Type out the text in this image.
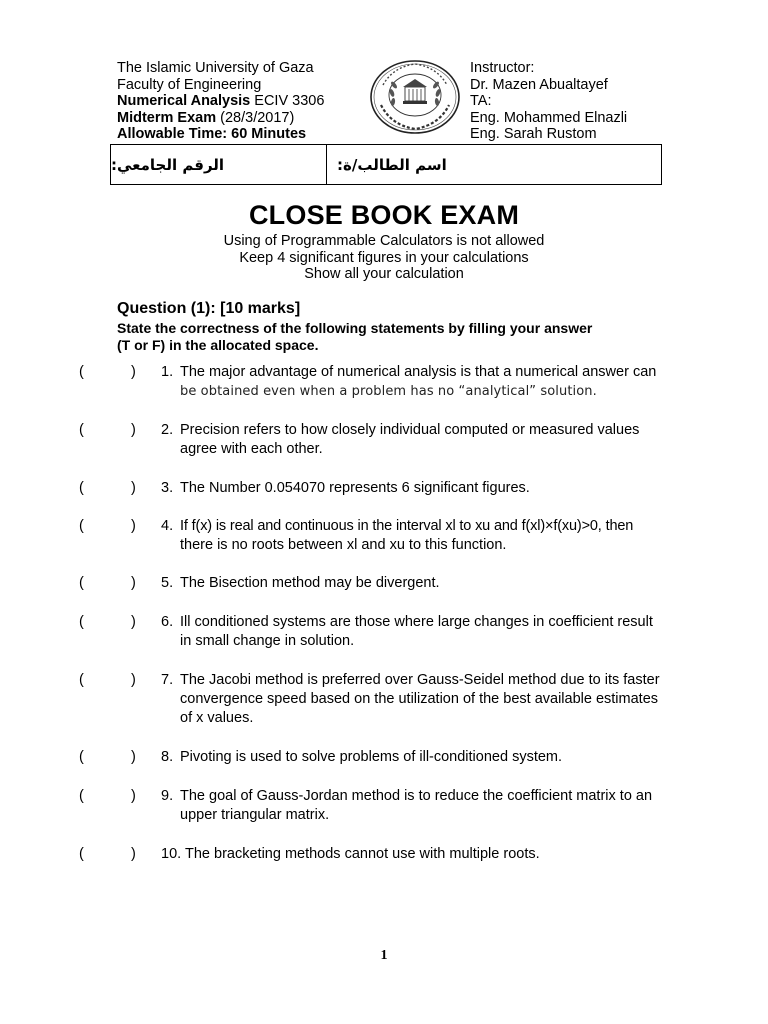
The Islamic University of Gaza
Faculty of Engineering
Numerical Analysis ECIV 3306
Midterm Exam (28/3/2017)
Allowable Time: 60 Minutes
Instructor:
Dr. Mazen Abualtayef
TA:
Eng. Mohammed Elnazli
Eng. Sarah Rustom
الرقم الجامعي:	اسم الطالب/ة:
CLOSE BOOK EXAM
Using of Programmable Calculators is not allowed
Keep 4 significant figures in your calculations
Show all your calculation
Question (1): [10 marks]
State the correctness of the following statements by filling your answer
(T or F) in the allocated space.
(	) 1. The major advantage of numerical analysis is that a numerical answer can
be obtained even when a problem has no “analytical” solution.
(	) 2. Precision refers to how closely individual computed or measured values
agree with each other.
(	) 3. The Number 0.054070 represents 6 significant figures.
(	) 4. If f(x) is real and continuous in the interval xl to xu and f(xl)×f(xu)>0, then
there is no roots between xl and xu to this function.
(	) 5. The Bisection method may be divergent.
(	) 6. Ill conditioned systems are those where large changes in coefficient result
in small change in solution.
(	) 7. The Jacobi method is preferred over Gauss-Seidel method due to its faster
convergence speed based on the utilization of the best available estimates
of x values.
(	) 8. Pivoting is used to solve problems of ill-conditioned system.
(	) 9. The goal of Gauss-Jordan method is to reduce the coefficient matrix to an
upper triangular matrix.
(	) 10. The bracketing methods cannot use with multiple roots.
1
